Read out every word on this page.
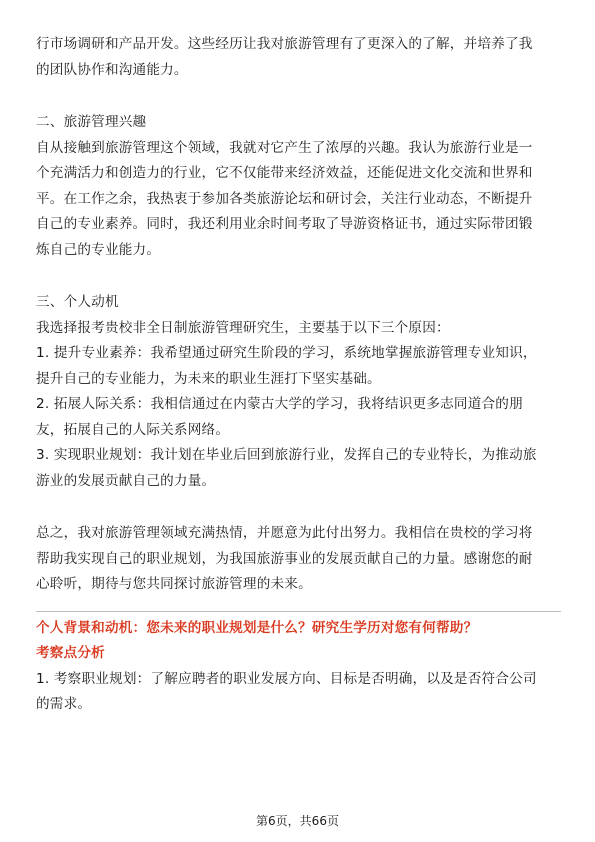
行市场调研和产品开发。这些经历让我对旅游管理有了更深入的了解，并培养了我
的团队协作和沟通能力。
二、旅游管理兴趣
自从接触到旅游管理这个领域，我就对它产生了浓厚的兴趣。我认为旅游行业是一
个充满活力和创造力的行业，它不仅能带来经济效益，还能促进文化交流和世界和
平。在工作之余，我热衷于参加各类旅游论坛和研讨会，关注行业动态，不断提升
自己的专业素养。同时，我还利用业余时间考取了导游资格证书，通过实际带团锻
炼自己的专业能力。
三、个人动机
我选择报考贵校非全日制旅游管理研究生，主要基于以下三个原因：
1. 提升专业素养：我希望通过研究生阶段的学习，系统地掌握旅游管理专业知识，
提升自己的专业能力，为未来的职业生涯打下坚实基础。
2. 拓展人际关系：我相信通过在内蒙古大学的学习，我将结识更多志同道合的朋
友，拓展自己的人际关系网络。
3. 实现职业规划：我计划在毕业后回到旅游行业，发挥自己的专业特长，为推动旅
游业的发展贡献自己的力量。
总之，我对旅游管理领域充满热情，并愿意为此付出努力。我相信在贵校的学习将
帮助我实现自己的职业规划，为我国旅游事业的发展贡献自己的力量。感谢您的耐
心聆听，期待与您共同探讨旅游管理的未来。
个人背景和动机：您未来的职业规划是什么？研究生学历对您有何帮助？
考察点分析
1. 考察职业规划：了解应聘者的职业发展方向、目标是否明确，以及是否符合公司
的需求。
第6页，共66页
